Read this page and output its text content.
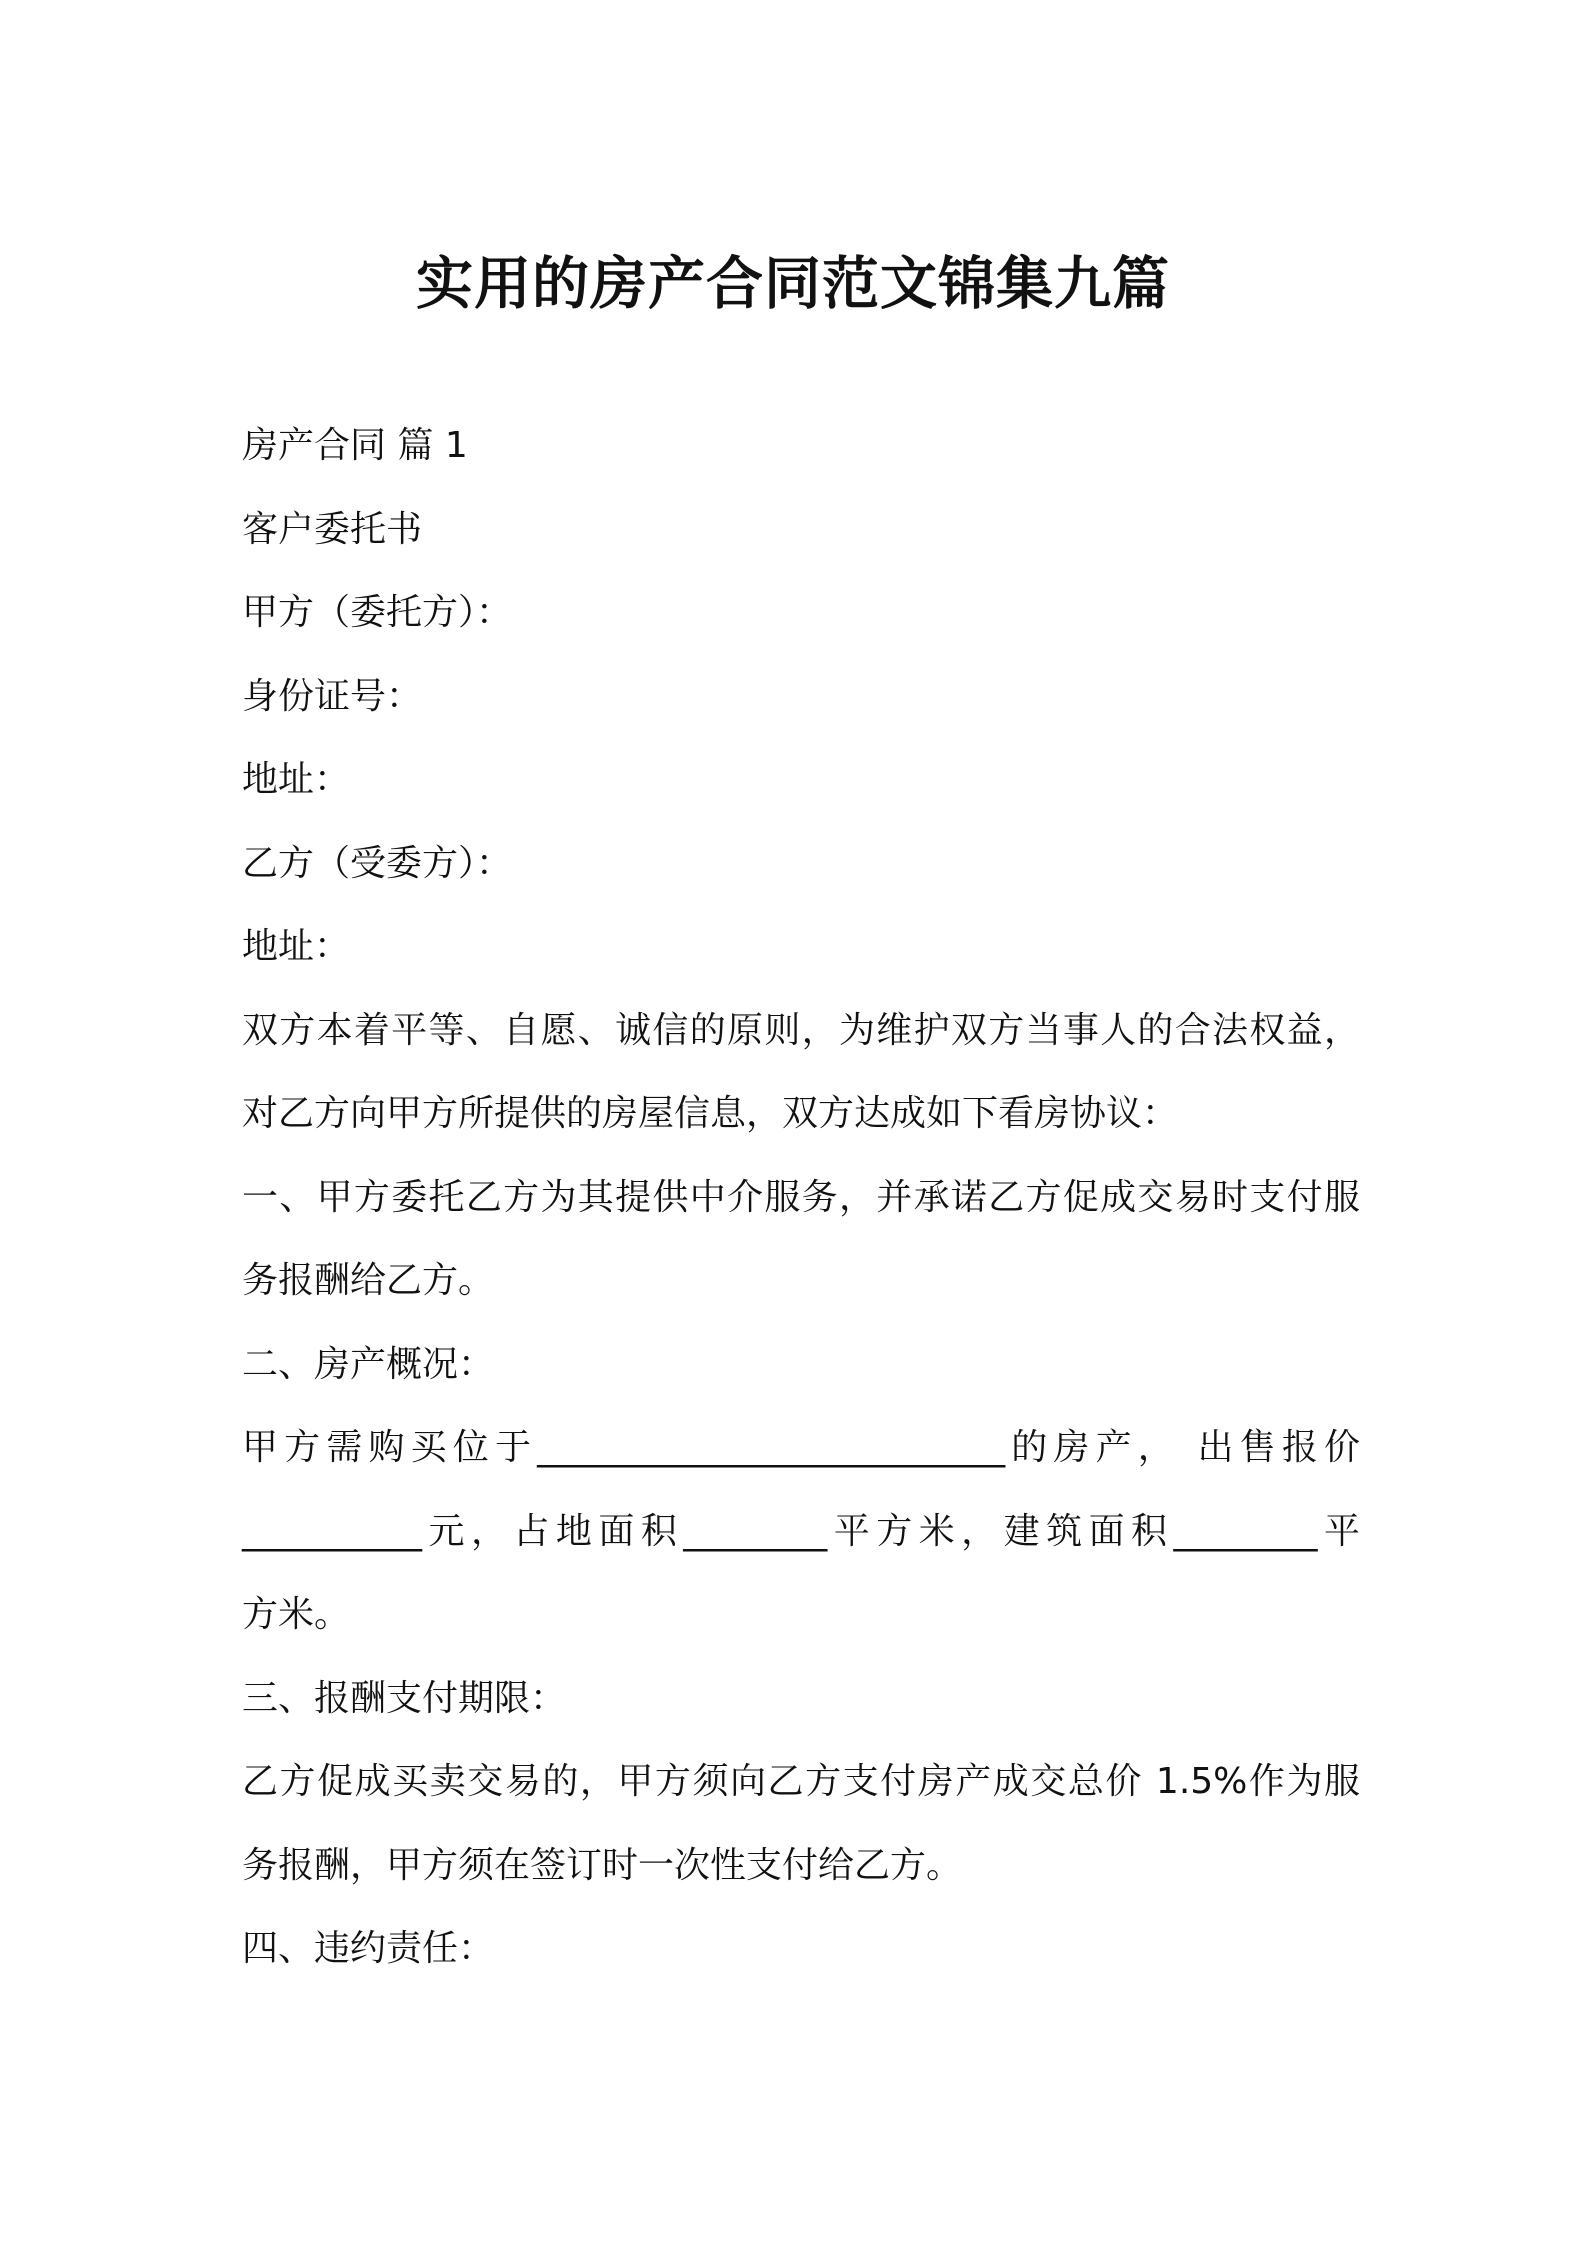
实用的房产合同范文锦集九篇

房产合同 篇 1

客户委托书

甲方（委托方）：

身份证号：

地址：

乙方（受委方）：

地址：

双方本着平等、自愿、诚信的原则，为维护双方当事人的合法权益，

对乙方向甲方所提供的房屋信息，双方达成如下看房协议：

一、甲方委托乙方为其提供中介服务，并承诺乙方促成交易时支付服

务报酬给乙方。

二、房产概况：

甲方需购买位于__________________________的房产， 出售报价

__________元，占地面积________平方米，建筑面积________平

方米。

三、报酬支付期限：

乙方促成买卖交易的，甲方须向乙方支付房产成交总价 1.5%作为服

务报酬，甲方须在签订时一次性支付给乙方。

四、违约责任：
